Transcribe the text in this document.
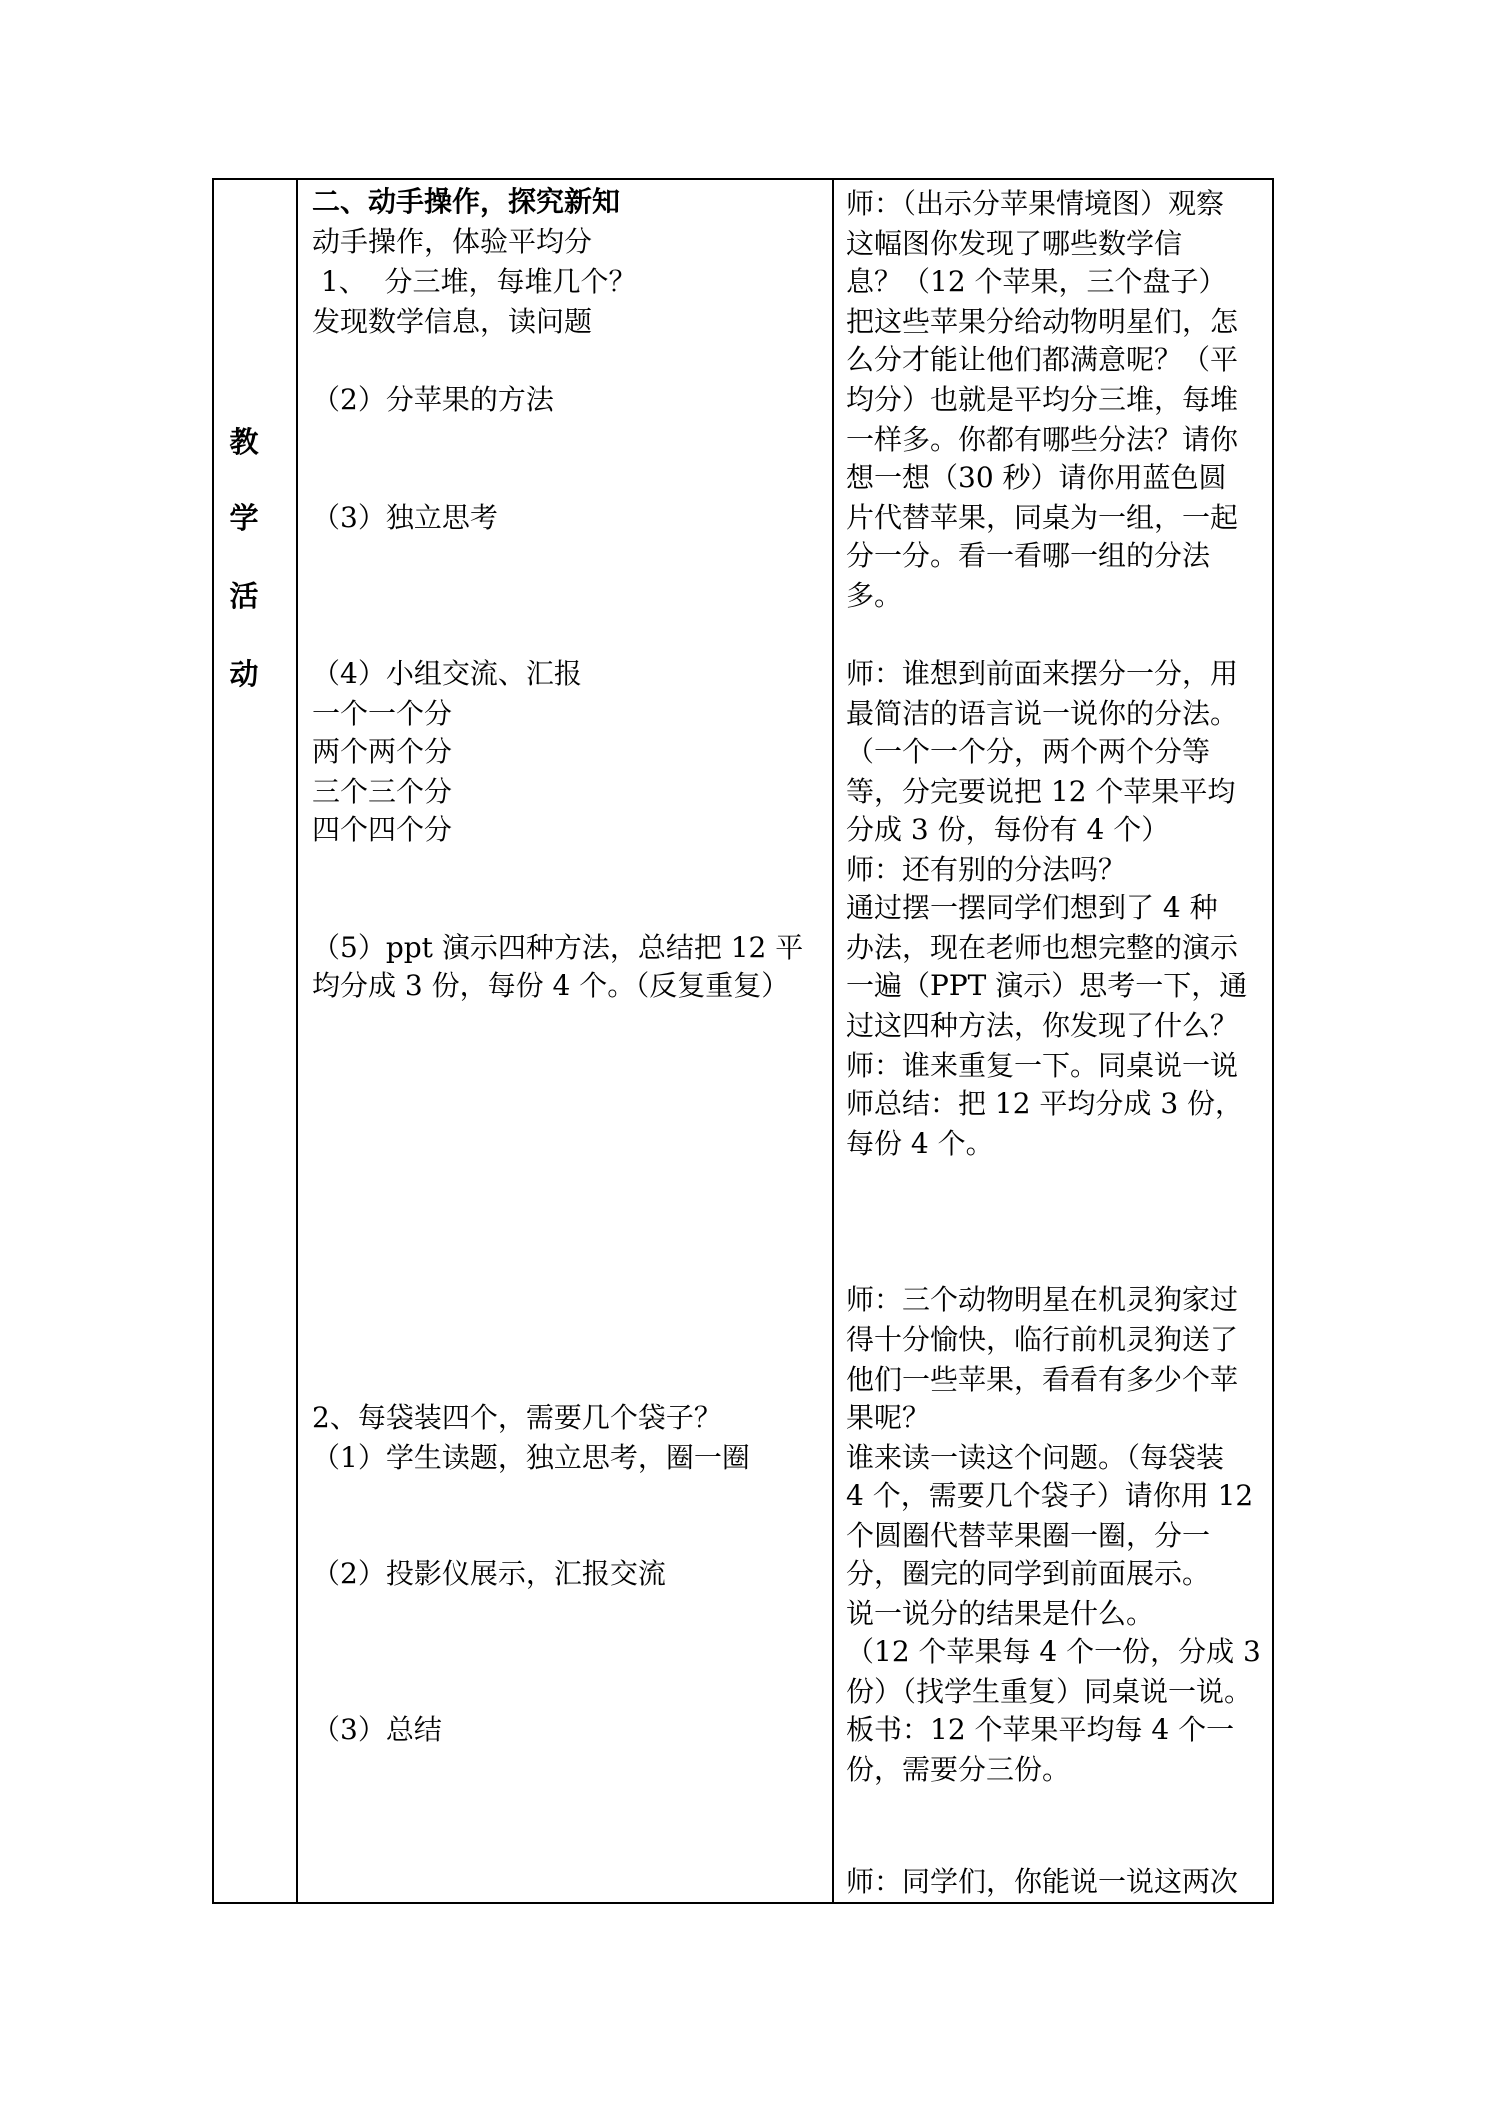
教
学
活
动
二、动手操作，探究新知
动手操作，体验平均分
1、  分三堆，每堆几个？
发现数学信息，读问题
（2）分苹果的方法
（3）独立思考
（4）小组交流、汇报
一个一个分
两个两个分
三个三个分
四个四个分
（5）ppt 演示四种方法，总结把 12 平
均分成 3 份，每份 4 个。（反复重复）
2、每袋装四个，需要几个袋子？
（1）学生读题，独立思考，圈一圈
（2）投影仪展示，汇报交流
（3）总结
师：（出示分苹果情境图）观察
这幅图你发现了哪些数学信
息？（12 个苹果，三个盘子）
把这些苹果分给动物明星们，怎
么分才能让他们都满意呢？（平
均分）也就是平均分三堆，每堆
一样多。你都有哪些分法？请你
想一想（30 秒）请你用蓝色圆
片代替苹果，同桌为一组，一起
分一分。看一看哪一组的分法
多。
师：谁想到前面来摆分一分，用
最简洁的语言说一说你的分法。
（一个一个分，两个两个分等
等，分完要说把 12 个苹果平均
分成 3 份，每份有 4 个）
师：还有别的分法吗？
通过摆一摆同学们想到了 4 种
办法，现在老师也想完整的演示
一遍（PPT 演示）思考一下，通
过这四种方法，你发现了什么？
师：谁来重复一下。同桌说一说
师总结：把 12 平均分成 3 份，
每份 4 个。
师：三个动物明星在机灵狗家过
得十分愉快，临行前机灵狗送了
他们一些苹果，看看有多少个苹
果呢？
谁来读一读这个问题。（每袋装
4 个，需要几个袋子）请你用 12
个圆圈代替苹果圈一圈，分一
分，圈完的同学到前面展示。
说一说分的结果是什么。
（12 个苹果每 4 个一份，分成 3
份）（找学生重复）同桌说一说。
板书：12 个苹果平均每 4 个一
份，需要分三份。
师：同学们，你能说一说这两次
